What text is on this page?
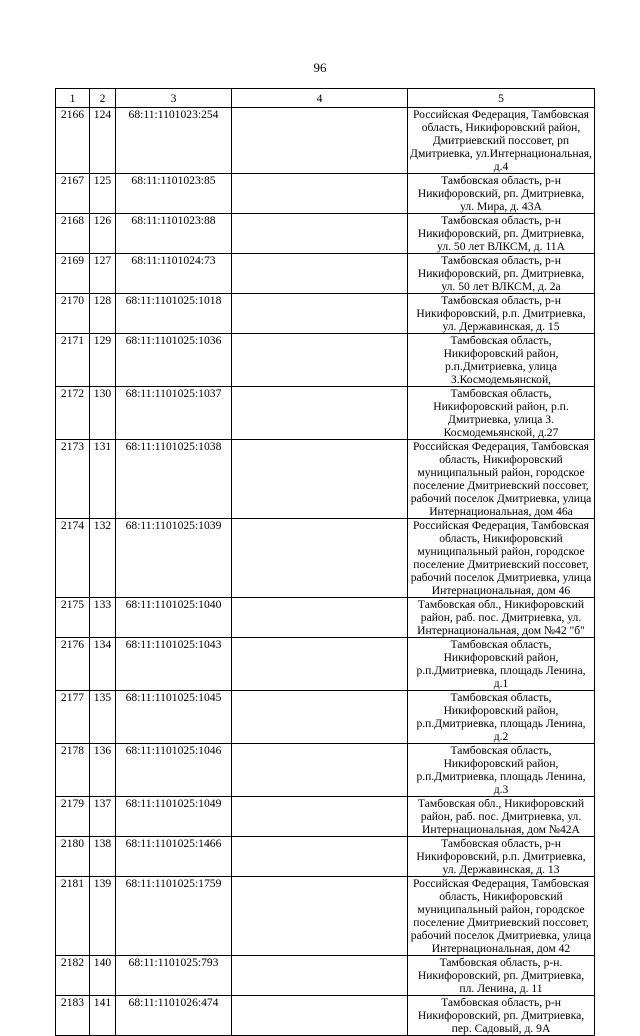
96
1	2	3	4	5
2166	124	68:11:1101023:254		Российская Федерация, Тамбовская область, Никифоровский район, Дмитриевский поссовет, рп Дмитриевка, ул.Интернациональная, д.4
2167	125	68:11:1101023:85		Тамбовская область, р-н Никифоровский, рп. Дмитриевка, ул. Мира, д. 43А
2168	126	68:11:1101023:88		Тамбовская область, р-н Никифоровский, рп. Дмитриевка, ул. 50 лет ВЛКСМ, д. 11А
2169	127	68:11:1101024:73		Тамбовская область, р-н Никифоровский, рп. Дмитриевка, ул. 50 лет ВЛКСМ, д. 2а
2170	128	68:11:1101025:1018		Тамбовская область, р-н Никифоровский, р.п. Дмитриевка, ул. Державинская, д. 15
2171	129	68:11:1101025:1036		Тамбовская область, Никифоровский район, р.п.Дмитриевка, улица З.Космодемьянской,
2172	130	68:11:1101025:1037		Тамбовская область, Никифоровский район, р.п. Дмитриевка, улица З. Космодемьянской, д.27
2173	131	68:11:1101025:1038		Российская Федерация, Тамбовская область, Никифоровский муниципальный район, городское поселение Дмитриевский поссовет, рабочий поселок Дмитриевка, улица Интернациональная, дом 46а
2174	132	68:11:1101025:1039		Российская Федерация, Тамбовская область, Никифоровский муниципальный район, городское поселение Дмитриевский поссовет, рабочий поселок Дмитриевка, улица Интернациональная, дом 46
2175	133	68:11:1101025:1040		Тамбовская обл., Никифоровский район, раб. пос. Дмитриевка, ул. Интернациональная, дом №42 "б"
2176	134	68:11:1101025:1043		Тамбовская область, Никифоровский район, р.п.Дмитриевка, площадь Ленина, д.1
2177	135	68:11:1101025:1045		Тамбовская область, Никифоровский район, р.п.Дмитриевка, площадь Ленина, д.2
2178	136	68:11:1101025:1046		Тамбовская область, Никифоровский район, р.п.Дмитриевка, площадь Ленина, д.3
2179	137	68:11:1101025:1049		Тамбовская обл., Никифоровский район, раб. пос. Дмитриевка, ул. Интернациональная, дом №42А
2180	138	68:11:1101025:1466		Тамбовская область, р-н Никифоровский, р.п. Дмитриевка, ул. Державинская, д. 13
2181	139	68:11:1101025:1759		Российская Федерация, Тамбовская область, Никифоровский муниципальный район, городское поселение Дмитриевский поссовет, рабочий поселок Дмитриевка, улица Интернациональная, дом 42
2182	140	68:11:1101025:793		Тамбовская область, р-н. Никифоровский, рп. Дмитриевка, пл. Ленина, д. 11
2183	141	68:11:1101026:474		Тамбовская область, р-н Никифоровский, рп. Дмитриевка, пер. Садовый, д. 9А
